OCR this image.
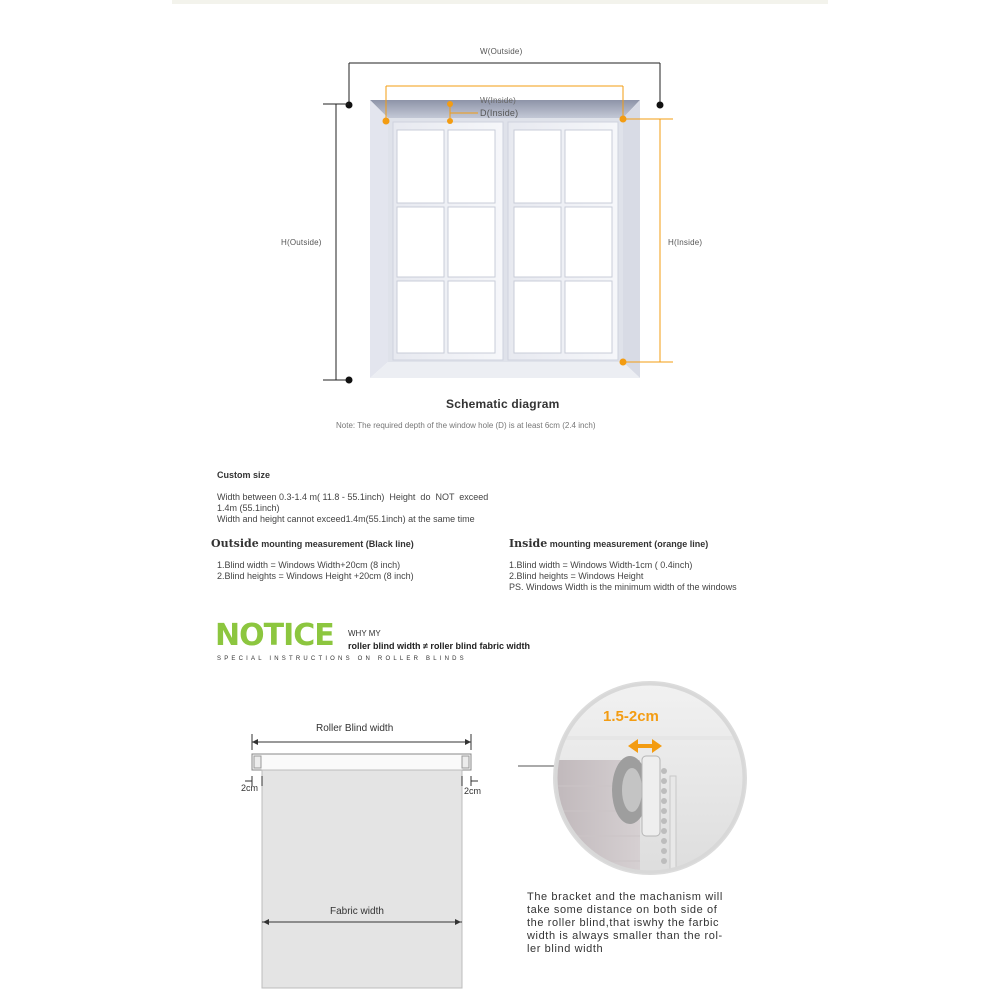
W(Outside)
W(Inside)
D(Inside)
H(Outside)	H(Inside)
Schematic diagram
Note: The required depth of the window hole (D) is at least 6cm (2.4 inch)
Custom size
Width between 0.3-1.4 m( 11.8 - 55.1inch)  Height  do  NOT  exceed
1.4m (55.1inch)
Width and height cannot exceed1.4m(55.1inch) at the same time
Outside mounting measurement (Black line)
1.Blind width = Windows Width+20cm (8 inch)
2.Blind heights = Windows Height +20cm (8 inch)
Inside mounting measurement (orange line)
1.Blind width = Windows Width-1cm ( 0.4inch)
2.Blind heights = Windows Height
PS. Windows Width is the minimum width of the windows
NOTICE WHY MY
roller blind width ≠ roller blind fabric width
SPECIAL INSTRUCTIONS ON ROLLER BLINDS
Roller Blind width
2cm	2cm
Fabric width
1.5-2cm
The bracket and the machanism will
take some distance on both side of
the roller blind,that iswhy the farbic
width is always smaller than the rol-
ler blind width
